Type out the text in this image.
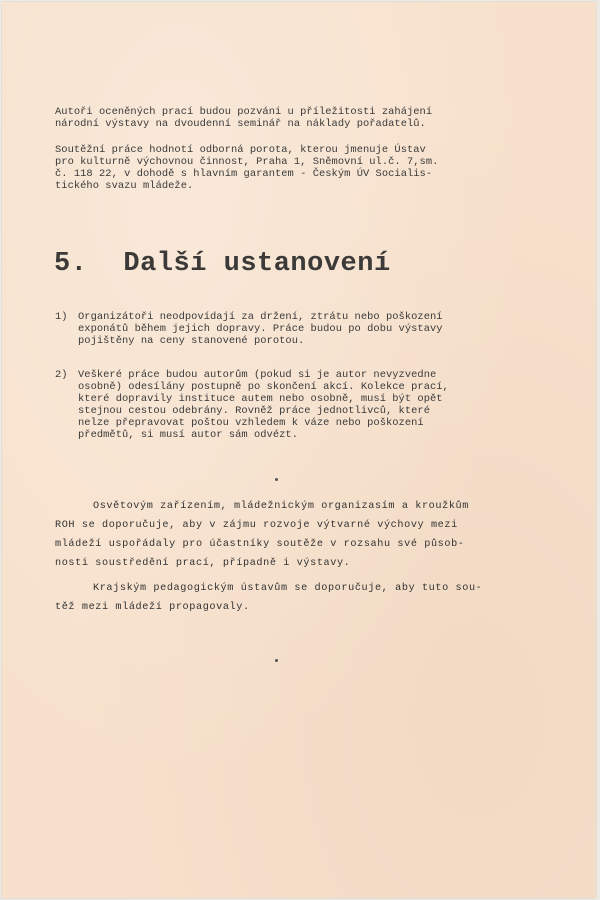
Autoři oceněných prací budou pozváni u příležitosti zahájení
národní výstavy na dvoudenní seminář na náklady pořadatelů.
Soutěžní práce hodnotí odborná porota, kterou jmenuje Ústav
pro kulturně výchovnou činnost, Praha 1, Sněmovní ul.č. 7,sm.
č. 118 22, v dohodě s hlavním garantem - Českým ÚV Socialis-
tického svazu mládeže.
5. Další ustanovení
1) Organizátoři neodpovídají za držení, ztrátu nebo poškození
exponátů během jejich dopravy. Práce budou po dobu výstavy
pojištěny na ceny stanovené porotou.
2) Veškeré práce budou autorům (pokud si je autor nevyzvedne
osobně) odesílány postupně po skončení akcí. Kolekce prací,
které dopravily instituce autem nebo osobně, musí být opět
stejnou cestou odebrány. Rovněž práce jednotlivců, které
nelze přepravovat poštou vzhledem k váze nebo poškození
předmětů, si musí autor sám odvézt.
Osvětovým zařízením, mládežnickým organizasím a kroužkům
ROH se doporučuje, aby v zájmu rozvoje výtvarné výchovy mezi
mládeží uspořádaly pro účastníky soutěže v rozsahu své působ-
nosti soustředění prací, případně i výstavy.
Krajským pedagogickým ústavům se doporučuje, aby tuto sou-
těž mezi mládeží propagovaly.
